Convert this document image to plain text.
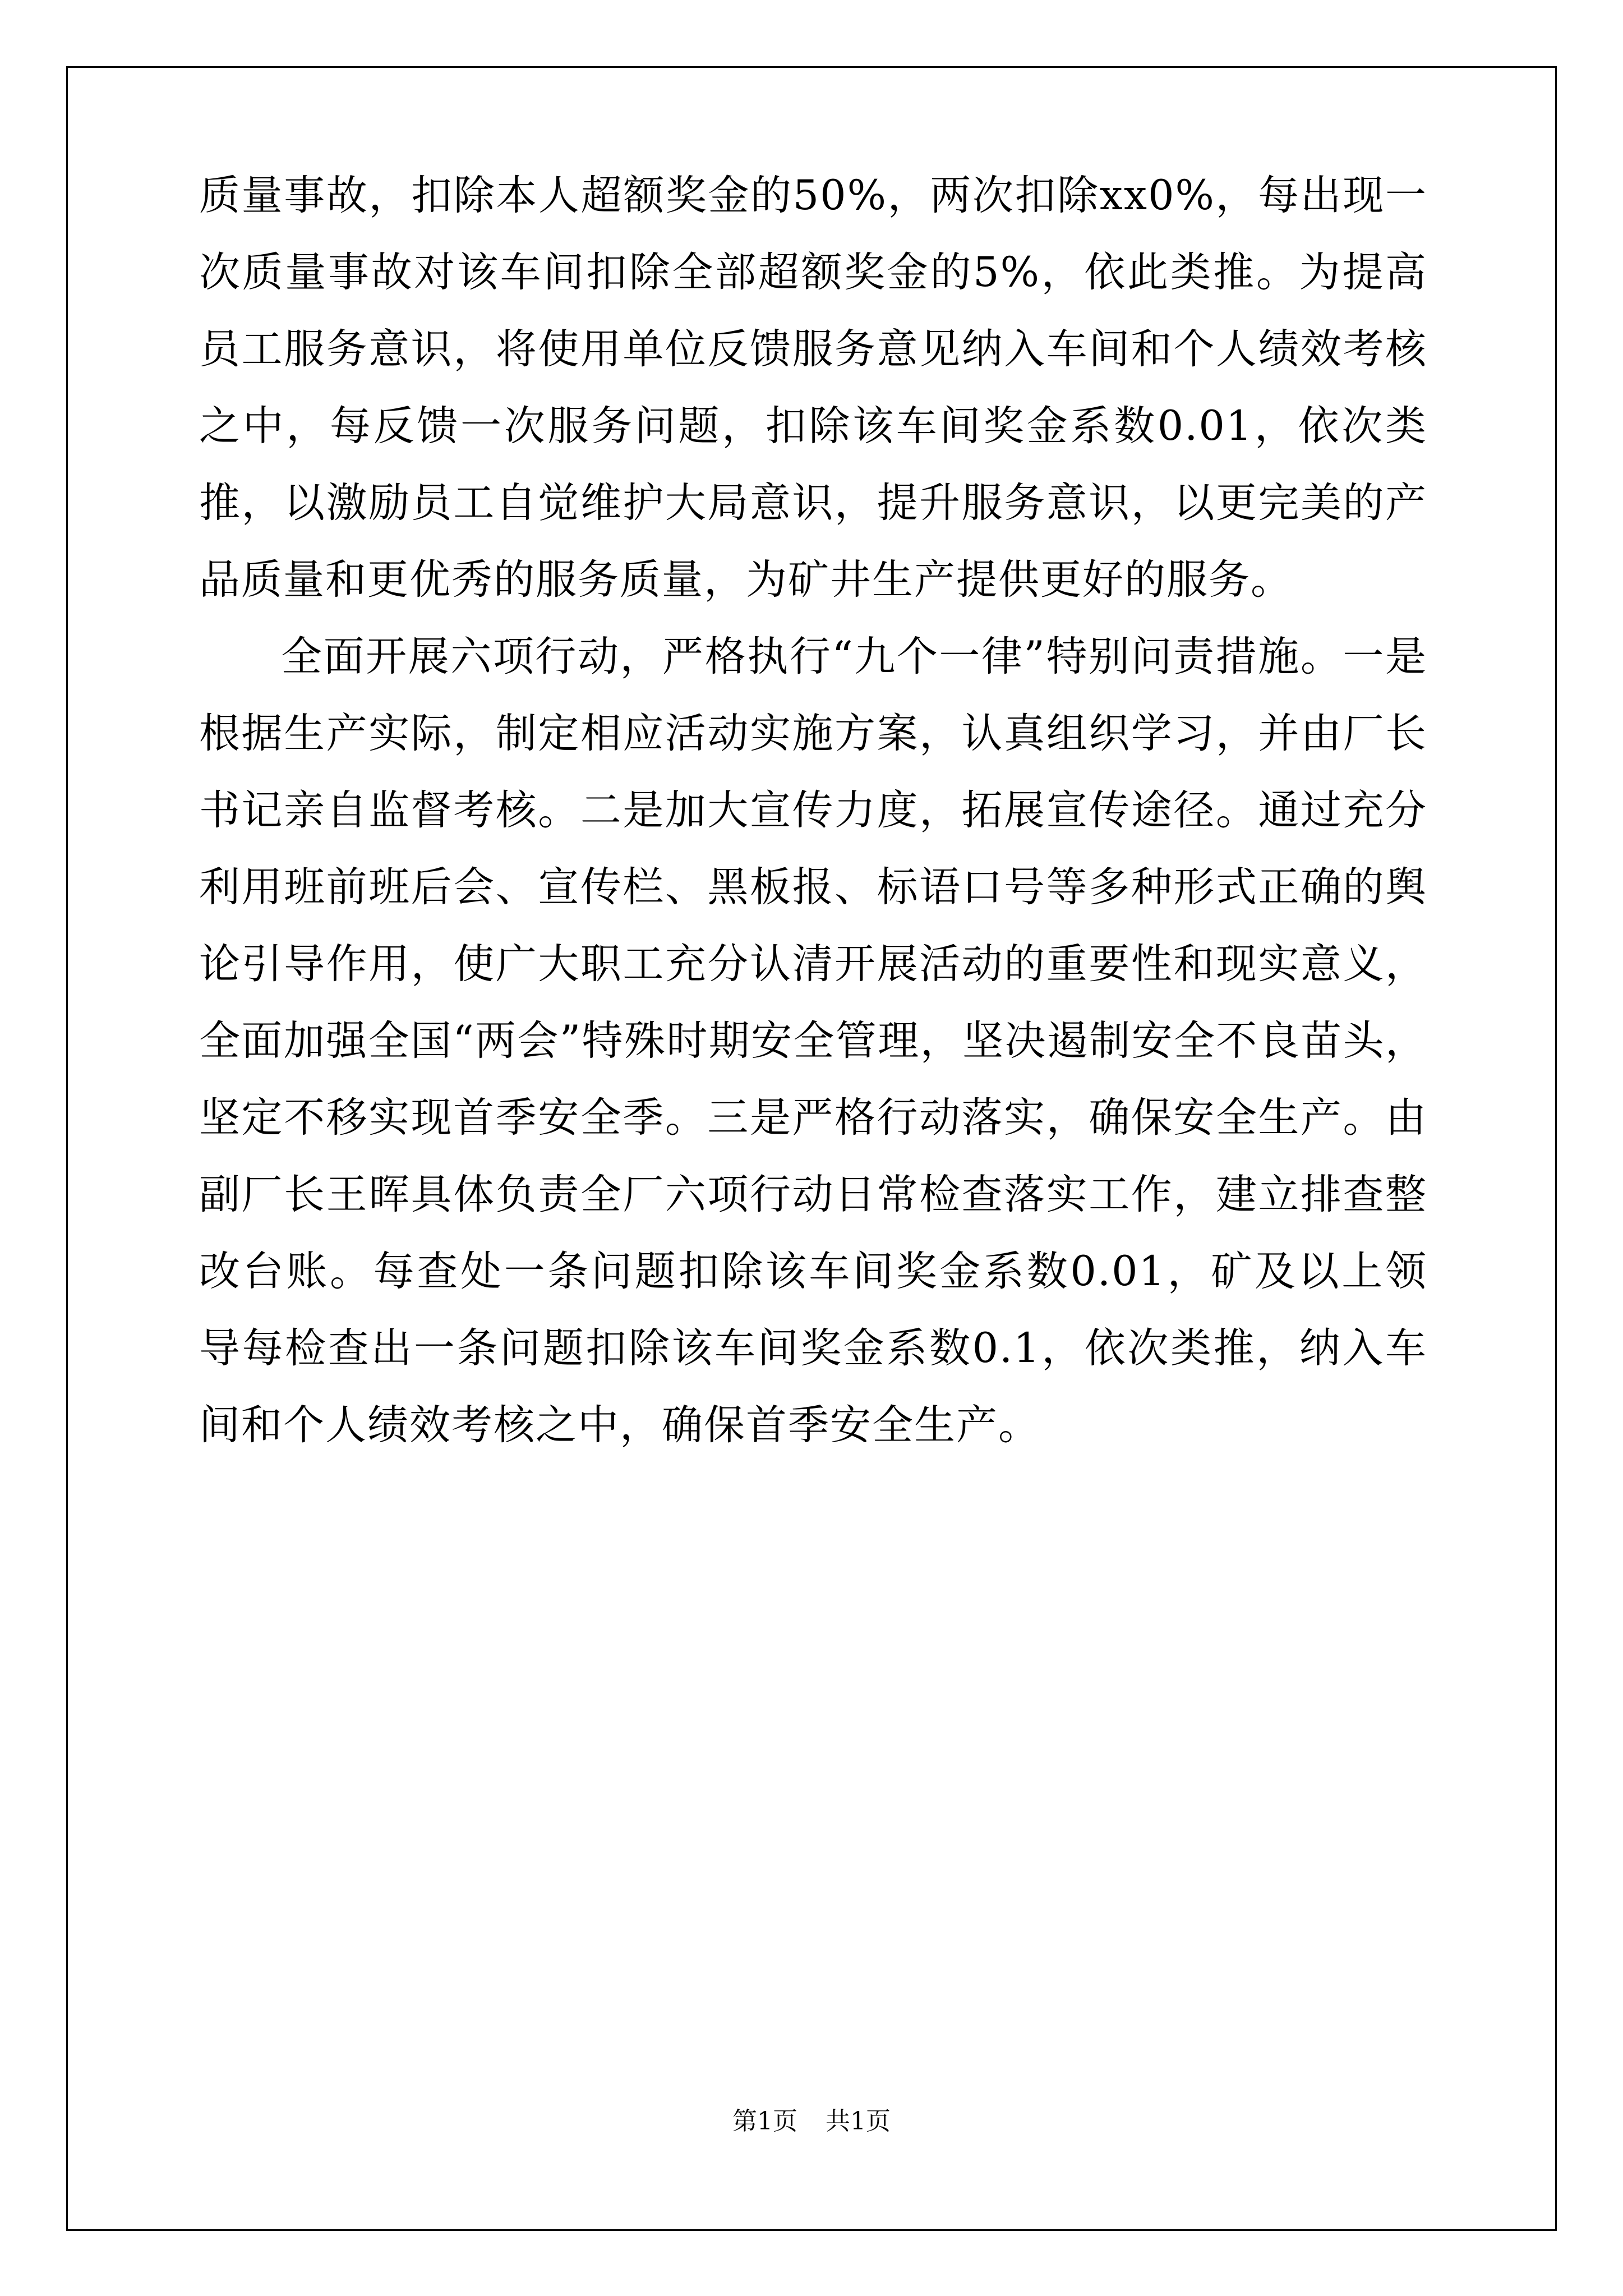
质量事故，扣除本人超额奖金的50%，两次扣除xx0%，每出现一次质量事故对该车间扣除全部超额奖金的5%，依此类推。为提高员工服务意识，将使用单位反馈服务意见纳入车间和个人绩效考核之中，每反馈一次服务问题，扣除该车间奖金系数0.01，依次类推，以激励员工自觉维护大局意识，提升服务意识，以更完美的产品质量和更优秀的服务质量，为矿井生产提供更好的服务。

全面开展六项行动，严格执行“九个一律”特别问责措施。一是根据生产实际，制定相应活动实施方案，认真组织学习，并由厂长书记亲自监督考核。二是加大宣传力度，拓展宣传途径。通过充分利用班前班后会、宣传栏、黑板报、标语口号等多种形式正确的舆论引导作用，使广大职工充分认清开展活动的重要性和现实意义，全面加强全国“两会”特殊时期安全管理，坚决遏制安全不良苗头，坚定不移实现首季安全季。三是严格行动落实，确保安全生产。由副厂长王晖具体负责全厂六项行动日常检查落实工作，建立排查整改台账。每查处一条问题扣除该车间奖金系数0.01，矿及以上领导每检查出一条问题扣除该车间奖金系数0.1，依次类推，纳入车间和个人绩效考核之中，确保首季安全生产。

第1页 共1页
